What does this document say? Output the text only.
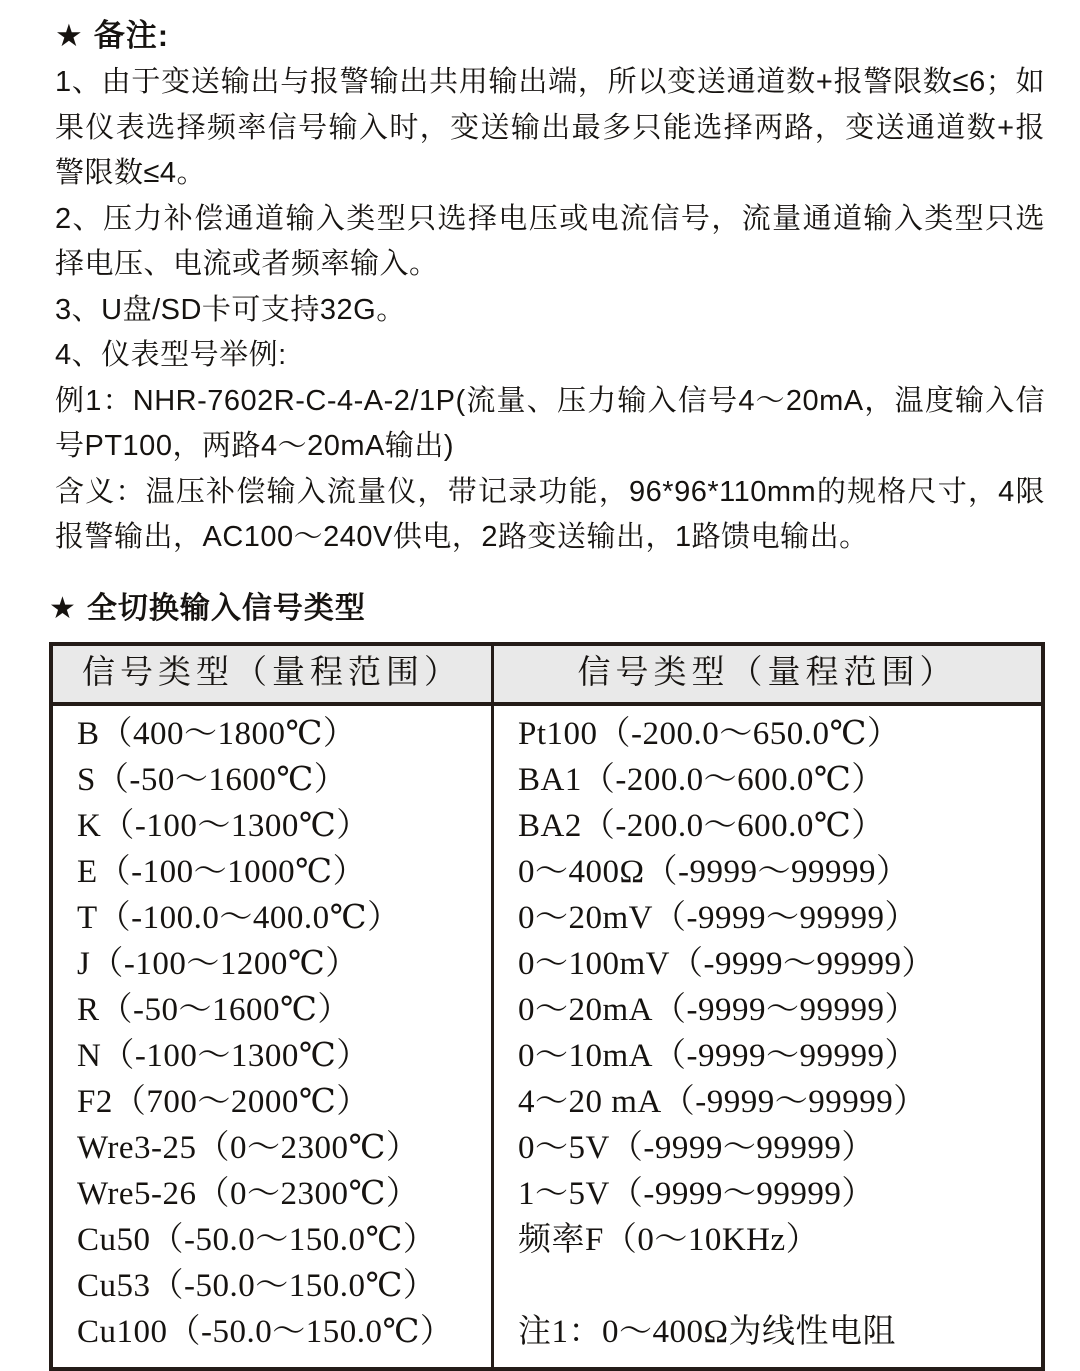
★ 备注:

1、由于变送输出与报警输出共用输出端，所以变送通道数+报警限数≤6；如果仪表选择频率信号输入时，变送输出最多只能选择两路，变送通道数+报警限数≤4。

2、压力补偿通道输入类型只选择电压或电流信号，流量通道输入类型只选择电压、电流或者频率输入。

3、U盘/SD卡可支持32G。

4、仪表型号举例:

例1：NHR-7602R-C-4-A-2/1P(流量、压力输入信号4～20mA，温度输入信号PT100，两路4～20mA输出)

含义：温压补偿输入流量仪，带记录功能，96*96*110mm的规格尺寸，4限报警输出，AC100～240V供电，2路变送输出，1路馈电输出。

★ 全切换输入信号类型
信号类型（量程范围）	信号类型（量程范围）
B（400～1800℃）
S（-50～1600℃）
K（-100～1300℃）
E（-100～1000℃）
T（-100.0～400.0℃）
J（-100～1200℃）
R（-50～1600℃）
N（-100～1300℃）
F2（700～2000℃）
Wre3-25（0～2300℃）
Wre5-26（0～2300℃）
Cu50（-50.0～150.0℃）
Cu53（-50.0～150.0℃）
Cu100（-50.0～150.0℃）
Pt100（-200.0～650.0℃）
BA1（-200.0～600.0℃）
BA2（-200.0～600.0℃）
0～400Ω（-9999～99999）
0～20mV（-9999～99999）
0～100mV（-9999～99999）
0～20mA（-9999～99999）
0～10mA（-9999～99999）
4～20 mA（-9999～99999）
0～5V（-9999～99999）
1～5V（-9999～99999）
频率F（0～10KHz）
注1：0～400Ω为线性电阻
